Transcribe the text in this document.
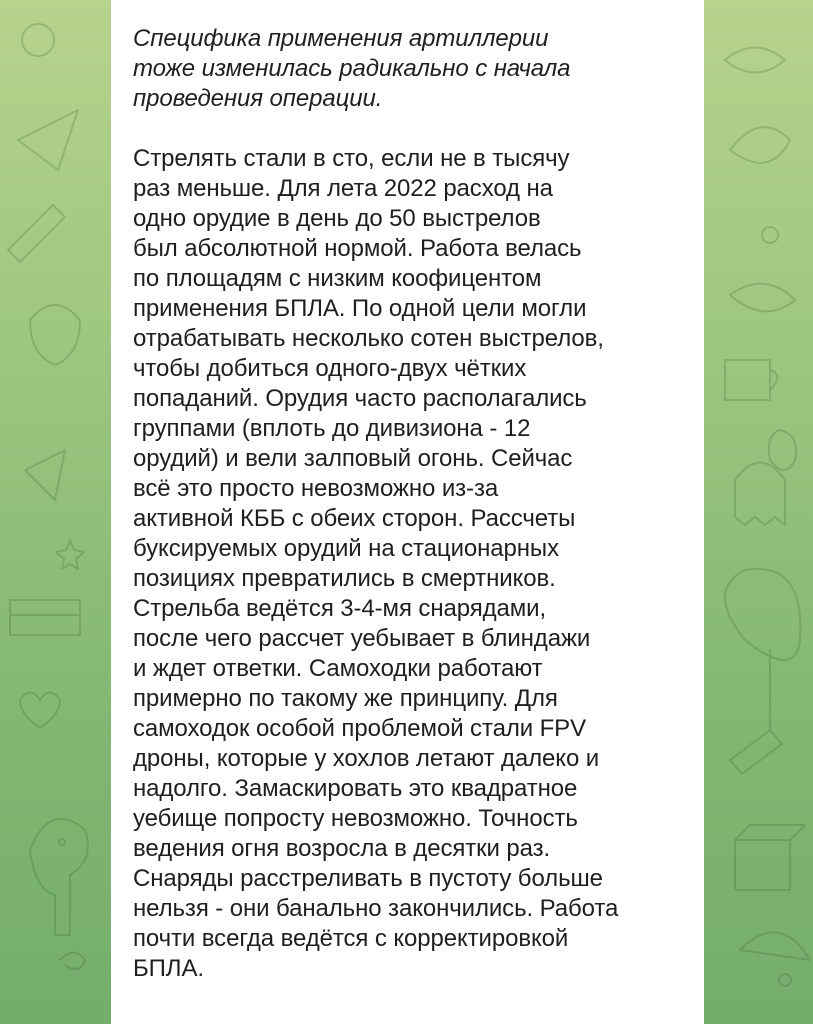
Специфика применения артиллерии
тоже изменилась радикально с начала
проведения операции.

Стрелять стали в сто, если не в тысячу
раз меньше. Для лета 2022 расход на
одно орудие в день до 50 выстрелов
был абсолютной нормой. Работа велась
по площадям с низким коофицентом
применения БПЛА. По одной цели могли
отрабатывать несколько сотен выстрелов,
чтобы добиться одного-двух чётких
попаданий. Орудия часто располагались
группами (вплоть до дивизиона - 12
орудий) и вели залповый огонь. Сейчас
всё это просто невозможно из-за
активной КББ с обеих сторон. Рассчеты
буксируемых орудий на стационарных
позициях превратились в смертников.
Стрельба ведётся 3-4-мя снарядами,
после чего рассчет уебывает в блиндажи
и ждет ответки. Самоходки работают
примерно по такому же принципу. Для
самоходок особой проблемой стали FPV
дроны, которые у хохлов летают далеко и
надолго. Замаскировать это квадратное
уебище попросту невозможно. Точность
ведения огня возросла в десятки раз.
Снаряды расстреливать в пустоту больше
нельзя - они банально закончились. Работа
почти всегда ведётся с корректировкой
БПЛА.
